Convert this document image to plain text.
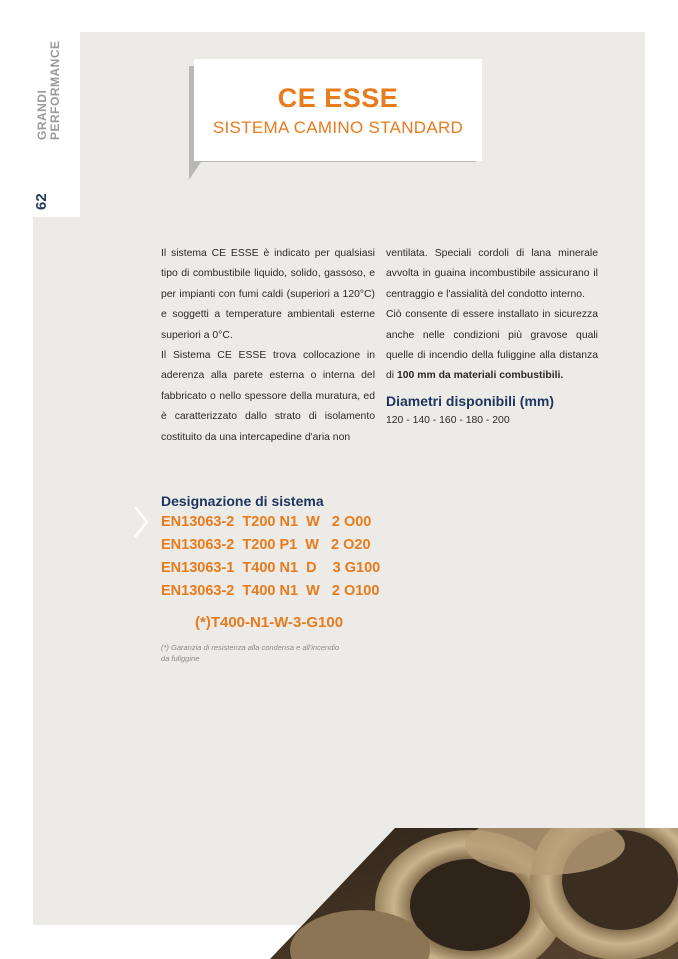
GRANDI
62
CE ESSE
SISTEMA CAMINO STANDARD

Il sistema CE ESSE è indicato per qualsiasi tipo di combustibile liquido, solido, gassoso, e per impianti con fumi caldi (superiori a 120°C) e soggetti a temperature ambientali esterne superiori a 0°C.

Il Sistema CE ESSE trova collocazione in aderenza alla parete esterna o interna del fabbricato o nello spessore della muratura, ed è caratterizzato dallo strato di isolamento costituito da una intercapedine d'aria non

ventilata. Speciali cordoli di lana minerale avvolta in guaina incombustibile assicurano il centraggio e l'assialità del condotto interno.

Ciò consente di essere installato in sicurezza anche nelle condizioni più gravose quali quelle di incendio della fuliggine alla distanza di 100 mm da materiali combustibili.

Diametri disponibili (mm)
120 - 140 - 160 - 180 - 200
Designazione di sistema
EN13063-2  T200 N1  W   2 O00
EN13063-2  T200 P1  W   2 O20
EN13063-1  T400 N1  D    3 G100
EN13063-2  T400 N1  W   2 O100
(*)T400-N1-W-3-G100
(*) Garanzia di resistenza alla condensa e all'incendio da fuliggine
